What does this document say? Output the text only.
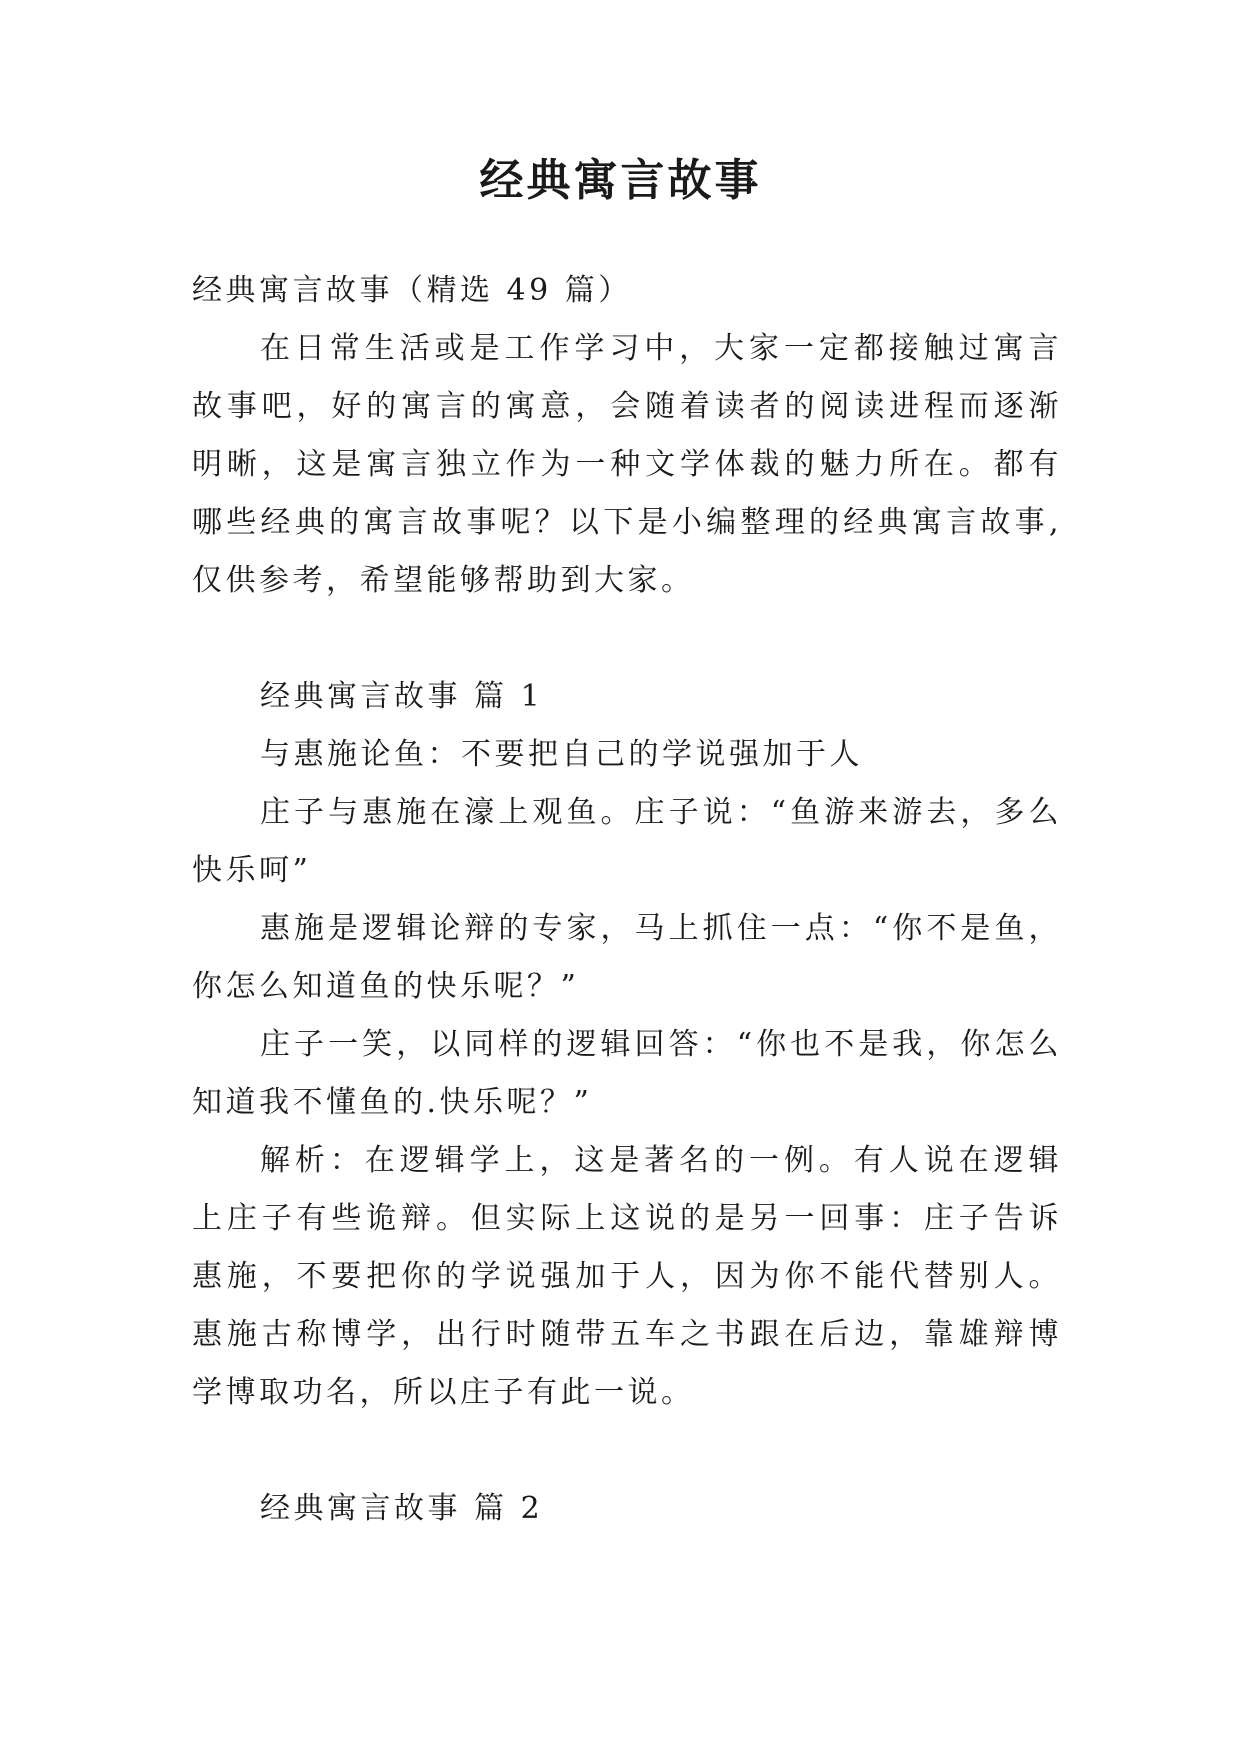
经典寓言故事

经典寓言故事（精选 49 篇）

在日常生活或是工作学习中，大家一定都接触过寓言故事吧，好的寓言的寓意，会随着读者的阅读进程而逐渐明晰，这是寓言独立作为一种文学体裁的魅力所在。都有哪些经典的寓言故事呢？以下是小编整理的经典寓言故事,仅供参考，希望能够帮助到大家。

经典寓言故事 篇 1

与惠施论鱼：不要把自己的学说强加于人

庄子与惠施在濠上观鱼。庄子说：“鱼游来游去，多么快乐呵”

惠施是逻辑论辩的专家，马上抓住一点：“你不是鱼，你怎么知道鱼的快乐呢？”

庄子一笑，以同样的逻辑回答：“你也不是我，你怎么知道我不懂鱼的.快乐呢？”

解析：在逻辑学上，这是著名的一例。有人说在逻辑上庄子有些诡辩。但实际上这说的是另一回事：庄子告诉惠施，不要把你的学说强加于人，因为你不能代替别人。惠施古称博学，出行时随带五车之书跟在后边，靠雄辩博学博取功名，所以庄子有此一说。

经典寓言故事 篇 2
